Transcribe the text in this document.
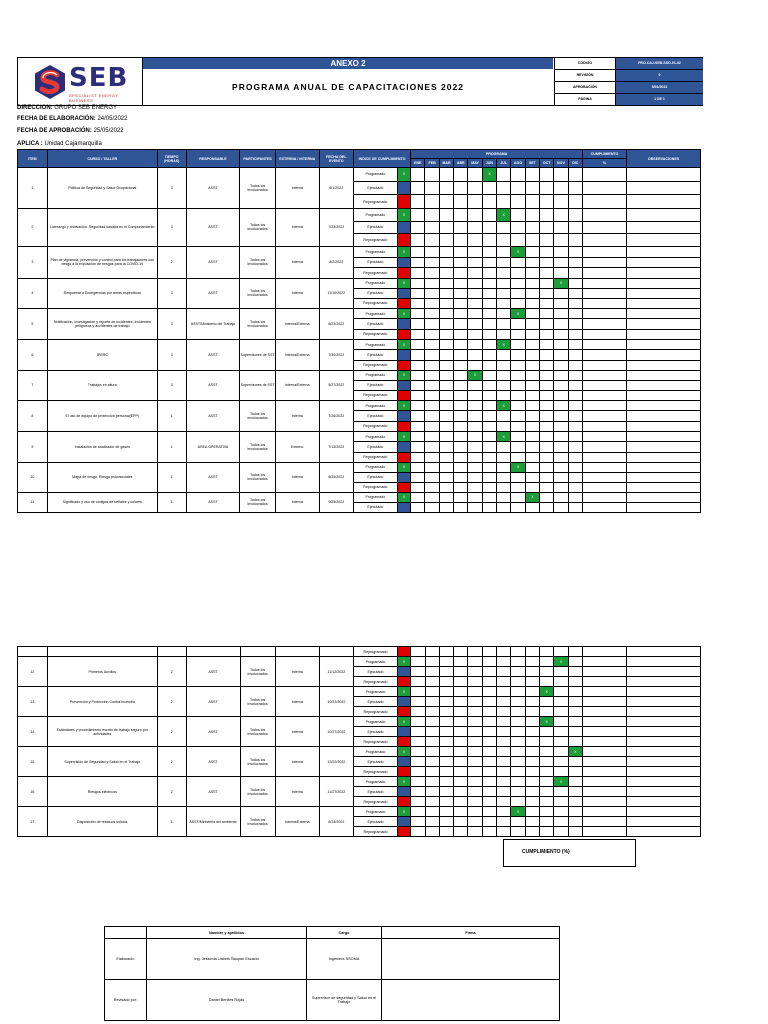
SEB
SPECIALIST ENERGY BUSINESS
ANEXO 2
PROGRAMA ANUAL DE CAPACITACIONES 2022
CÓDIGO	PRO-CAJ-SEB-SSO-01-02
REVISIÓN	0
APROBACIÓN	5/01/2022
PÁGINA	1 DE 1
DIRECCION: GRUPO SEB ENERGY
FECHA DE ELABORACIÓN: 24/05/2022
FECHA DE APROBACIÓN: 25/05/2022
APLICA : Unidad Cajamarquilla
ITEM	CURSO / TALLER	TIEMPO (HORAS)	RESPONSABLE	PARTICIPANTES	EXTERNA / INTERNA	FECHA DEL EVENTO	INDICE DE CUMPLIMIENTO		PROGRAMA												CUMPLIMIENTO	OBSERVACIONES
									ENE	FEB	MAR	ABR	MAY	JUN	JUL	AGO	SET	OCT	NOV	DIC	%	
1	Política de Seguridad y Salud Ocupacional	3	ASST	Todos los involucrados	Interna	6/1/2022	Programado	X						X								
							Ejecutado															
							Reprogramado															
2	Liderazgo y motivación. Seguridad basada en el Comportamiento	3	ASST	Todos los involucrados	Interna	7/23/2022	Programado	X							X							
							Ejecutado															
							Reprogramado															
3	Plan de vigilancia, prevención y control para los trabajadores con riesgo a la exposición de riesgos para la COVID-19	2	ASST	Todos los involucrados	Interna	8/2/2022	Programado	X								X						
							Ejecutado															
							Reprogramado															
4	Respuesta a Emergencias por áreas específicas	3	ASST	Todos los involucrados	Interna	11/10/2022	Programado	X											X			
							Ejecutado															
							Reprogramado															
5	Notificación, investigación y reporte de incidentes, incidentes peligrosos y accidentes de trabajo	3	ASST/Ministerio del Trabajo	Todos los involucrados	Interna/Externa	8/23/2022	Programado	X								X						
							Ejecutado															
							Reprogramado															
6	IPERC	3	ASST	Supervisores de SST	Interna/Externa	7/30/2022	Programado	X							X							
							Ejecutado															
							Reprogramado															
7	Trabajos en altura	3	ASST	Supervisores de SST	Interna/Externa	5/27/2022	Programado	X					X									
							Ejecutado															
							Reprogramado															
8	El uso de equipo de protección personal(EPP)	1	ASST	Todos los involucrados	Interna	7/26/2022	Programado	X							X							
							Ejecutado															
							Reprogramado															
9	Instalación de analizador de gases	1	AREA OPERATIVA	Todos los involucrados	Externo	7/13/2022	Programado	X							X							
							Ejecutado															
							Reprogramado															
10	Mapa de riesgo, Riesgo psicosociales	1	ASST	Todos los involucrados	Interna	8/25/2022	Programado	X								X						
							Ejecutado															
							Reprogramado															
11	Significado y uso de códigos de señales y colores	1	ASST	Todos los involucrados	Interna	9/25/2022	Programado	X									X					
							Ejecutado															
							Reprogramado															
12	Primeros Auxilios	2	ASST	Todos los involucrados	Interna	11/12/2022	Programado	X											X			
							Ejecutado															
							Reprogramado															
13	Prevención y Protección Contra Incendio	2	ASST	Todos los involucrados	Interna	10/22/2022	Programado	X										X				
							Ejecutado															
							Reprogramado															
14	Estándares y procedimiento escrito de trabajo seguro por actividades	2	ASST	Todos los involucrados	Interna	10/27/2022	Programado	X										X				
							Ejecutado															
							Reprogramado															
15	Supervisión de Seguridad y Salud en el Trabajo	2	ASST	Todos los involucrados	Interna	12/22/2022	Programado	X												X		
							Ejecutado															
							Reprogramado															
16	Riesgos eléctricos	2	ASST	Todos los involucrados	Interna	11/27/2022	Programado	X											X			
							Ejecutado															
							Reprogramado															
17	Disposición de residuos sólidos	1	ASST/Ministerio del ambiente	Todos los involucrados	Interna/Externa	8/24/2022	Programado	X								X						
							Ejecutado															
							Reprogramado															
CUMPLIMIENTO (%)
	Nombre y apellidos	Cargo	Firma
Elaborado:	Ing. Jessenia Lisbeth Ñaupari Escacio	Ingeniera SSOMA	
Revisado por:	Daniel Benites Rojas	Supervisor de seguridad y Salud en el Trabajo	
